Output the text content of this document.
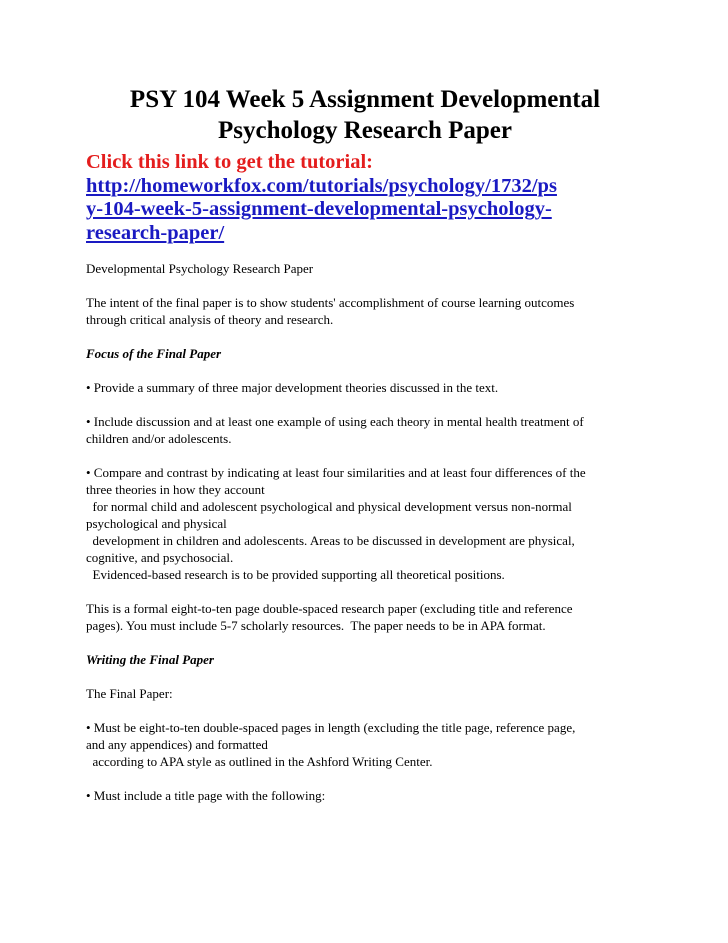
PSY 104 Week 5 Assignment Developmental
Psychology Research Paper
Click this link to get the tutorial:
http://homeworkfox.com/tutorials/psychology/1732/ps
y-104-week-5-assignment-developmental-psychology-
research-paper/
Developmental Psychology Research Paper
The intent of the final paper is to show students' accomplishment of course learning outcomes
through critical analysis of theory and research.
Focus of the Final Paper
• Provide a summary of three major development theories discussed in the text.
• Include discussion and at least one example of using each theory in mental health treatment of
children and/or adolescents.
• Compare and contrast by indicating at least four similarities and at least four differences of the
three theories in how they account
for normal child and adolescent psychological and physical development versus non-normal
psychological and physical
development in children and adolescents. Areas to be discussed in development are physical,
cognitive, and psychosocial.
Evidenced-based research is to be provided supporting all theoretical positions.
This is a formal eight-to-ten page double-spaced research paper (excluding title and reference
pages). You must include 5-7 scholarly resources.  The paper needs to be in APA format.
Writing the Final Paper
The Final Paper:
• Must be eight-to-ten double-spaced pages in length (excluding the title page, reference page,
and any appendices) and formatted
according to APA style as outlined in the Ashford Writing Center.
• Must include a title page with the following:
